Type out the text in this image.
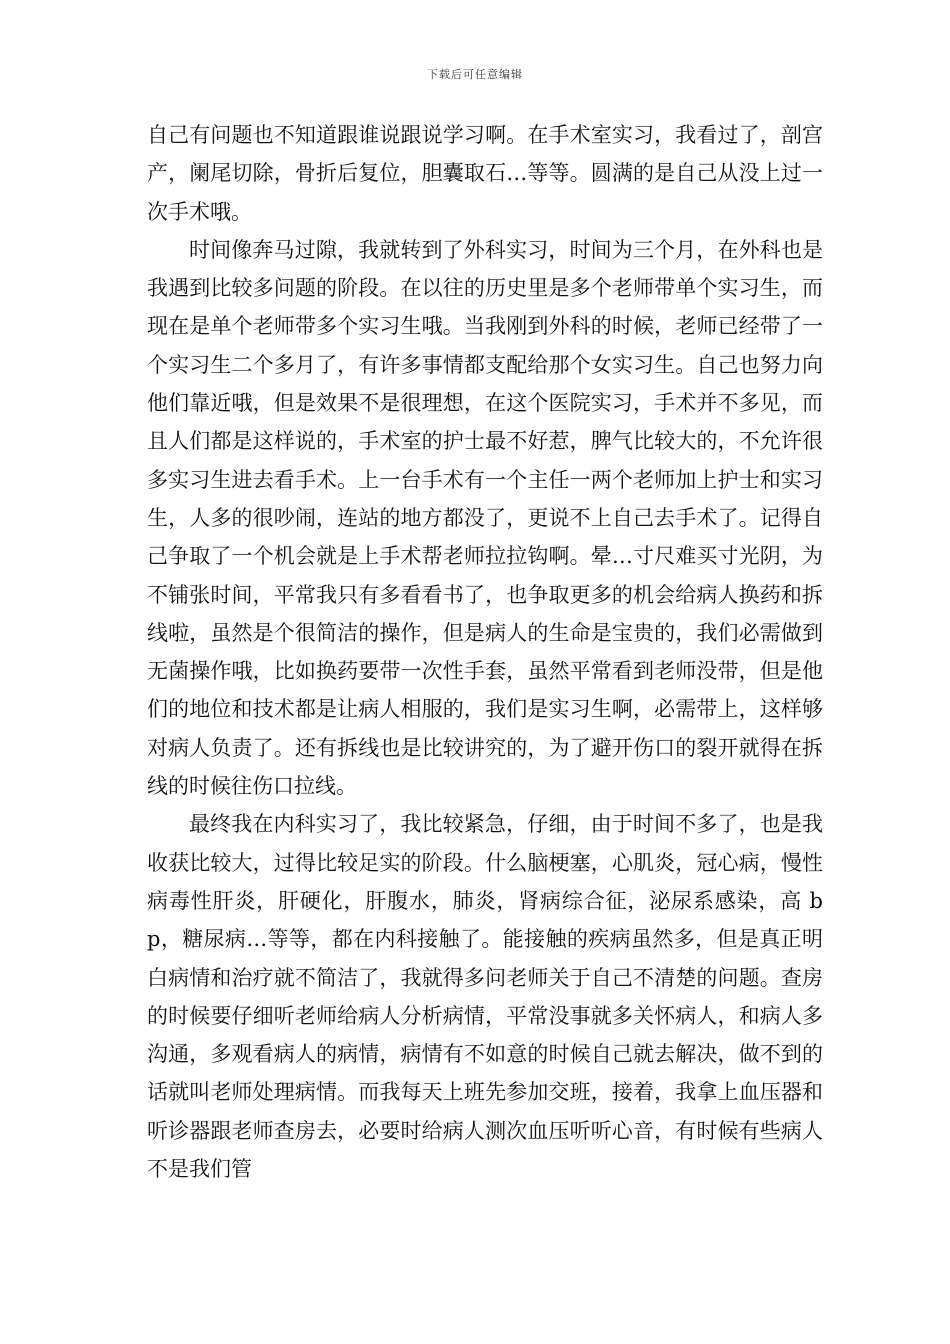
下载后可任意编辑

自己有问题也不知道跟谁说跟说学习啊。在手术室实习，我看过了，剖宫产，阑尾切除，骨折后复位，胆囊取石…等等。圆满的是自己从没上过一次手术哦。

时间像奔马过隙，我就转到了外科实习，时间为三个月，在外科也是我遇到比较多问题的阶段。在以往的历史里是多个老师带单个实习生，而现在是单个老师带多个实习生哦。当我刚到外科的时候，老师已经带了一个实习生二个多月了，有许多事情都支配给那个女实习生。自己也努力向他们靠近哦，但是效果不是很理想，在这个医院实习，手术并不多见，而且人们都是这样说的，手术室的护士最不好惹，脾气比较大的，不允许很多实习生进去看手术。上一台手术有一个主任一两个老师加上护士和实习生，人多的很吵闹，连站的地方都没了，更说不上自己去手术了。记得自己争取了一个机会就是上手术帮老师拉拉钩啊。晕…寸尺难买寸光阴，为不铺张时间，平常我只有多看看书了，也争取更多的机会给病人换药和拆线啦，虽然是个很简洁的操作，但是病人的生命是宝贵的，我们必需做到无菌操作哦，比如换药要带一次性手套，虽然平常看到老师没带，但是他们的地位和技术都是让病人相服的，我们是实习生啊，必需带上，这样够对病人负责了。还有拆线也是比较讲究的，为了避开伤口的裂开就得在拆线的时候往伤口拉线。

最终我在内科实习了，我比较紧急，仔细，由于时间不多了，也是我收获比较大，过得比较足实的阶段。什么脑梗塞，心肌炎，冠心病，慢性病毒性肝炎，肝硬化，肝腹水，肺炎，肾病综合征，泌尿系感染，高 bp，糖尿病…等等，都在内科接触了。能接触的疾病虽然多，但是真正明白病情和治疗就不简洁了，我就得多问老师关于自己不清楚的问题。查房的时候要仔细听老师给病人分析病情，平常没事就多关怀病人，和病人多沟通，多观看病人的病情，病情有不如意的时候自己就去解决，做不到的话就叫老师处理病情。而我每天上班先参加交班，接着，我拿上血压器和听诊器跟老师查房去，必要时给病人测次血压听听心音，有时候有些病人不是我们管
